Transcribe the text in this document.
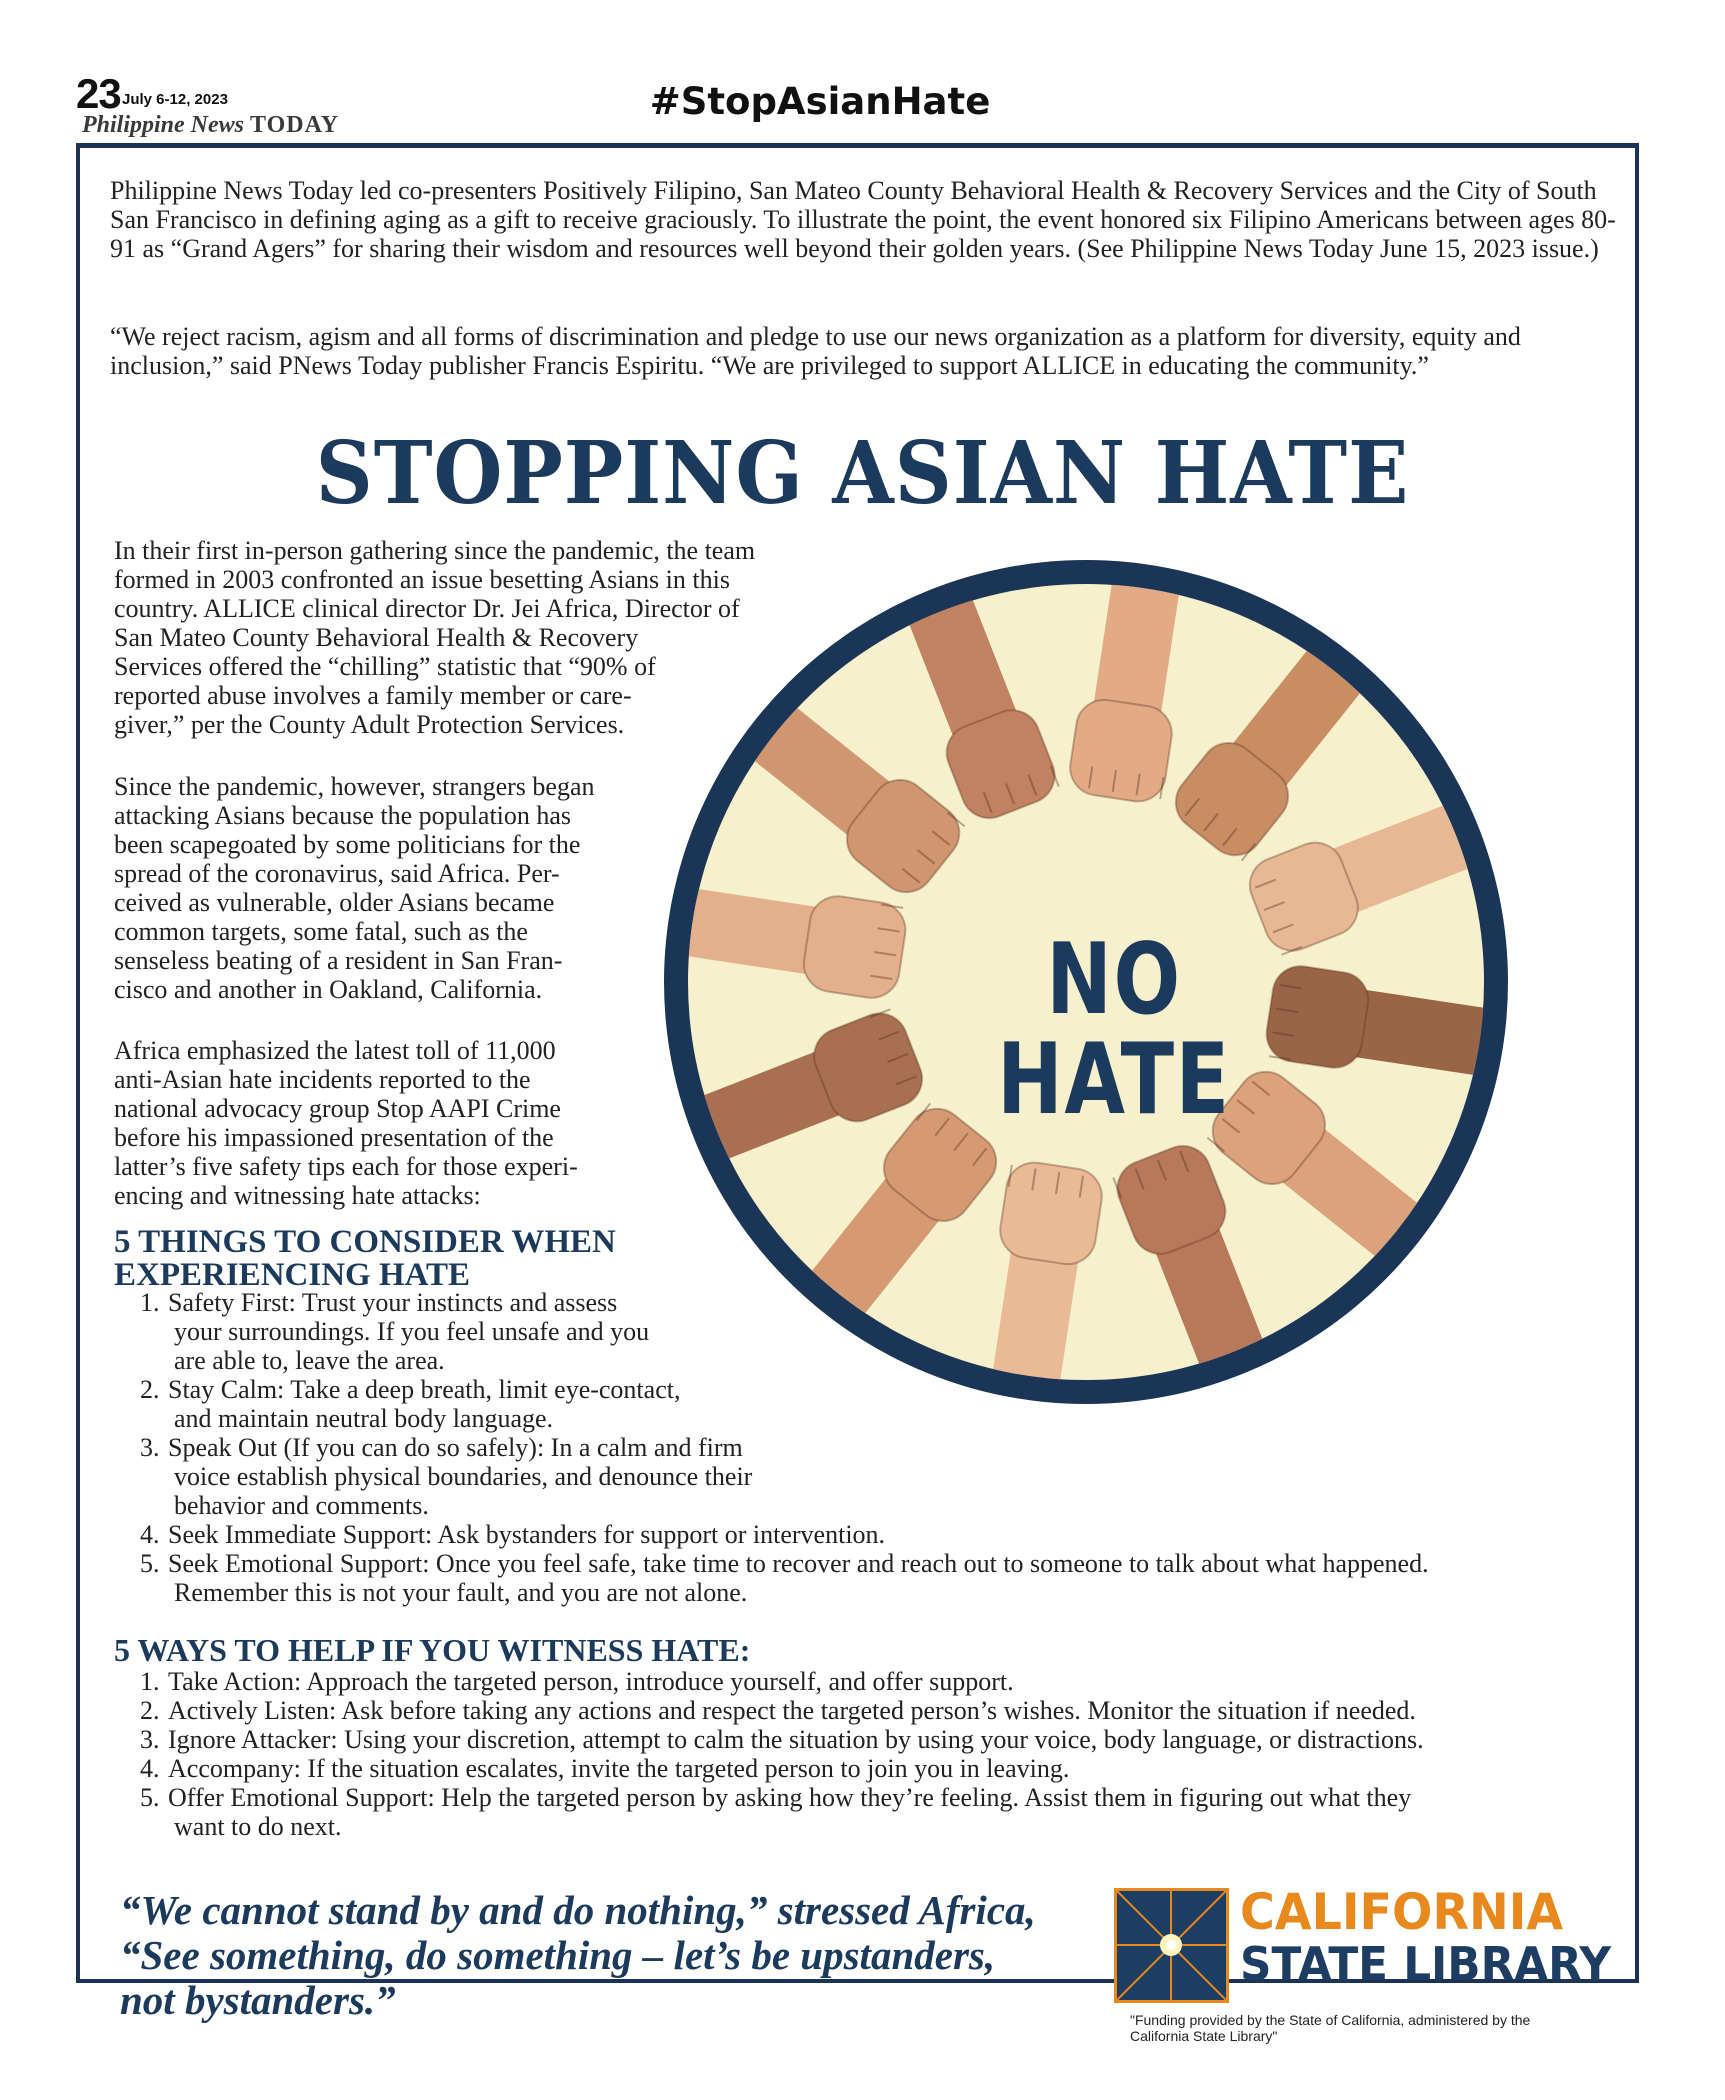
23 July 6-12, 2023
Philippine News TODAY
#StopAsianHate

Philippine News Today led co-presenters Positively Filipino, San Mateo County Behavioral Health & Recovery Services and the City of South San Francisco in defining aging as a gift to receive graciously. To illustrate the point, the event honored six Filipino Americans between ages 80-91 as “Grand Agers” for sharing their wisdom and resources well beyond their golden years. (See Philippine News Today June 15, 2023 issue.)

“We reject racism, agism and all forms of discrimination and pledge to use our news organization as a platform for diversity, equity and inclusion,” said PNews Today publisher Francis Espiritu. “We are privileged to support ALLICE in educating the community.”

STOPPING ASIAN HATE
NO
HATE
In their first in-person gathering since the pandemic, the team
formed in 2003 confronted an issue besetting Asians in this
country. ALLICE clinical director Dr. Jei Africa, Director of
San Mateo County Behavioral Health & Recovery
Services offered the “chilling” statistic that “90% of
reported abuse involves a family member or care-
giver,” per the County Adult Protection Services.
Since the pandemic, however, strangers began
attacking Asians because the population has
been scapegoated by some politicians for the
spread of the coronavirus, said Africa. Per-
ceived as vulnerable, older Asians became
common targets, some fatal, such as the
senseless beating of a resident in San Fran-
cisco and another in Oakland, California.
Africa emphasized the latest toll of 11,000
anti-Asian hate incidents reported to the
national advocacy group Stop AAPI Crime
before his impassioned presentation of the
latter’s five safety tips each for those experi-
encing and witnessing hate attacks:
5 THINGS TO CONSIDER WHEN
EXPERIENCING HATE
1. Safety First: Trust your instincts and assess
your surroundings. If you feel unsafe and you
are able to, leave the area.
2. Stay Calm: Take a deep breath, limit eye-contact,
and maintain neutral body language.
3. Speak Out (If you can do so safely): In a calm and firm
voice establish physical boundaries, and denounce their
behavior and comments.
4. Seek Immediate Support: Ask bystanders for support or intervention.
5. Seek Emotional Support: Once you feel safe, take time to recover and reach out to someone to talk about what happened.
Remember this is not your fault, and you are not alone.
5 WAYS TO HELP IF YOU WITNESS HATE:
1. Take Action: Approach the targeted person, introduce yourself, and offer support.
2. Actively Listen: Ask before taking any actions and respect the targeted person’s wishes. Monitor the situation if needed.
3. Ignore Attacker: Using your discretion, attempt to calm the situation by using your voice, body language, or distractions.
4. Accompany: If the situation escalates, invite the targeted person to join you in leaving.
5. Offer Emotional Support: Help the targeted person by asking how they’re feeling. Assist them in figuring out what they
want to do next.
“We cannot stand by and do nothing,” stressed Africa,
“See something, do something – let’s be upstanders,
not bystanders.”
CALIFORNIA
STATE LIBRARY

"Funding provided by the State of California, administered by the California State Library"
